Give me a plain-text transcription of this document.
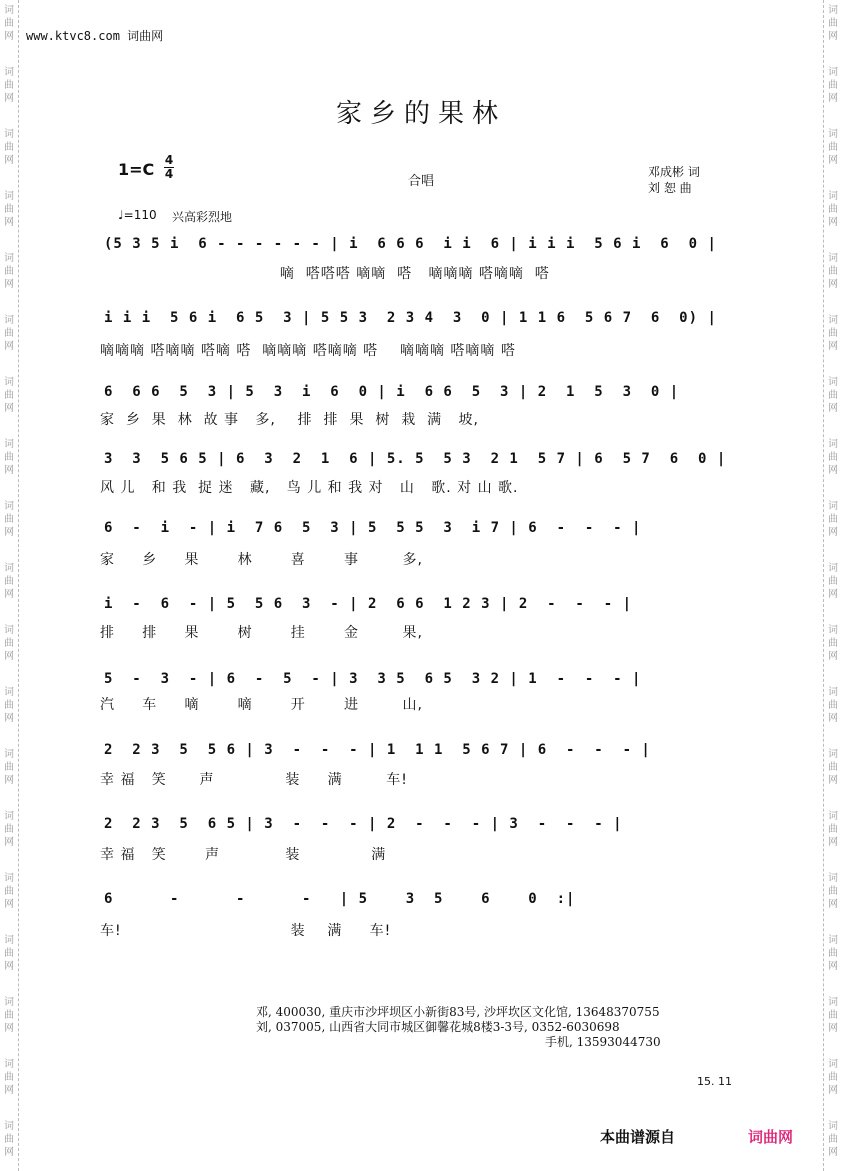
词	词
曲	曲
网	网
词	词
曲	曲
网	网
词	词
曲	曲
网	网
词	词
曲	曲
网	网
词	词
曲	曲
网	网
词	词
曲	曲
网	网
词	词
曲	曲
网	网
词	词
曲	曲
网	网
词	词
曲	曲
网	网
词	词
曲	曲
网	网
词	词
曲	曲
网	网
词	词
曲	曲
网	网
词	词
曲	曲
网	网
词	词
曲	曲
网	网
词	词
曲	曲
网	网
词	词
曲	曲
网	网
词	词
曲	曲
网	网
词	词
曲	曲
网	网
词	词
曲	曲
网	网
www.ktvc8.com 词曲网
家乡的果林
1=C 4
4	合唱
邓成彬 词
刘 恕 曲
♩=110 兴高彩烈地
(5 3 5 i  6 - - - - - - | i  6 6 6  i i  6 | i i i  5 6 i  6  0 |
嘀  嗒嗒嗒 嘀嘀  嗒   嘀嘀嘀 嗒嘀嘀  嗒
i i i  5 6 i  6 5  3 | 5 5 3  2 3 4  3  0 | 1 1 6  5 6 7  6  0) |
嘀嘀嘀 嗒嘀嘀 嗒嘀 嗒  嘀嘀嘀 嗒嘀嘀 嗒    嘀嘀嘀 嗒嘀嘀 嗒
6  6 6  5  3 | 5  3  i  6  0 | i  6 6  5  3 | 2  1  5  3  0 |
家  乡  果  林  故 事   多,    排  排  果  树  栽  满   坡,
3  3  5 6 5 | 6  3  2  1  6 | 5. 5  5 3  2 1  5 7 | 6  5 7  6  0 |
风 儿   和 我  捉 迷   藏,   鸟 儿 和 我 对   山   歌. 对 山 歌.
6  -  i  - | i  7 6  5  3 | 5  5 5  3  i 7 | 6  -  -  - |
家     乡     果       林       喜       事        多,
i  -  6  - | 5  5 6  3  - | 2  6 6  1 2 3 | 2  -  -  - |
排     排     果       树       挂       金        果,
5  -  3  - | 6  -  5  - | 3  3 5  6 5  3 2 | 1  -  -  - |
汽     车     嘀       嘀       开       进        山,
2  2 3  5  5 6 | 3  -  -  - | 1  1 1  5 6 7 | 6  -  -  - |
幸 福   笑      声             装     满        车!
2  2 3  5  6 5 | 3  -  -  - | 2  -  -  - | 3  -  -  - |
幸 福   笑       声            装             满
6      -      -      -   | 5    3  5    6    0  :|
车!                               装    满     车!
邓, 400030, 重庆市沙坪坝区小新街83号, 沙坪坎区文化馆, 13648370755
刘, 037005, 山西省大同市城区御馨花城8楼3-3号, 0352-6030698
手机, 13593044730
15. 11
本曲谱源自	词曲网
